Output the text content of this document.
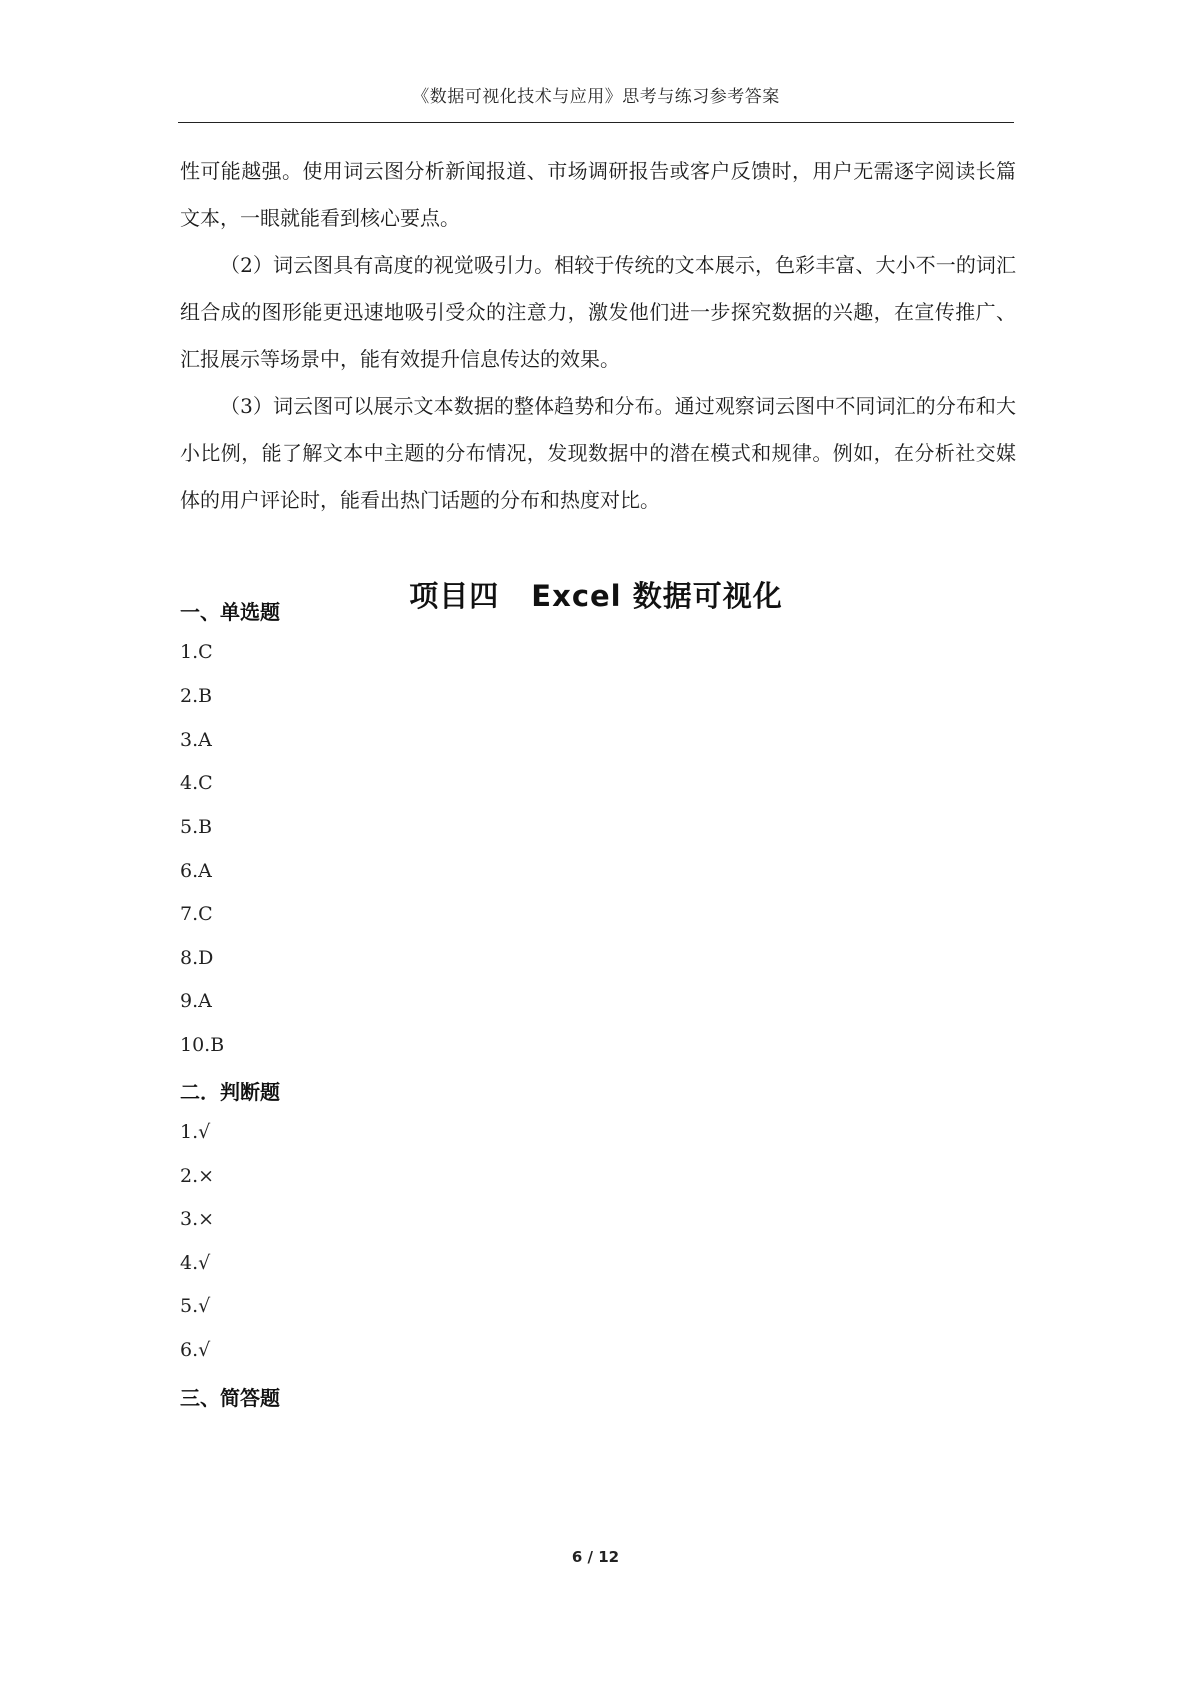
《数据可视化技术与应用》思考与练习参考答案

性可能越强。使用词云图分析新闻报道、市场调研报告或客户反馈时，用户无需逐字阅读长篇文本，一眼就能看到核心要点。

（2）词云图具有高度的视觉吸引力。相较于传统的文本展示，色彩丰富、大小不一的词汇组合成的图形能更迅速地吸引受众的注意力，激发他们进一步探究数据的兴趣，在宣传推广、汇报展示等场景中，能有效提升信息传达的效果。

（3）词云图可以展示文本数据的整体趋势和分布。通过观察词云图中不同词汇的分布和大小比例，能了解文本中主题的分布情况，发现数据中的潜在模式和规律。例如，在分析社交媒体的用户评论时，能看出热门话题的分布和热度对比。

项目四 Excel 数据可视化
一、单选题
1.C
2.B
3.A
4.C
5.B
6.A
7.C
8.D
9.A
10.B
二．判断题
1.√
2.×
3.×
4.√
5.√
6.√
三、简答题
6 / 12
